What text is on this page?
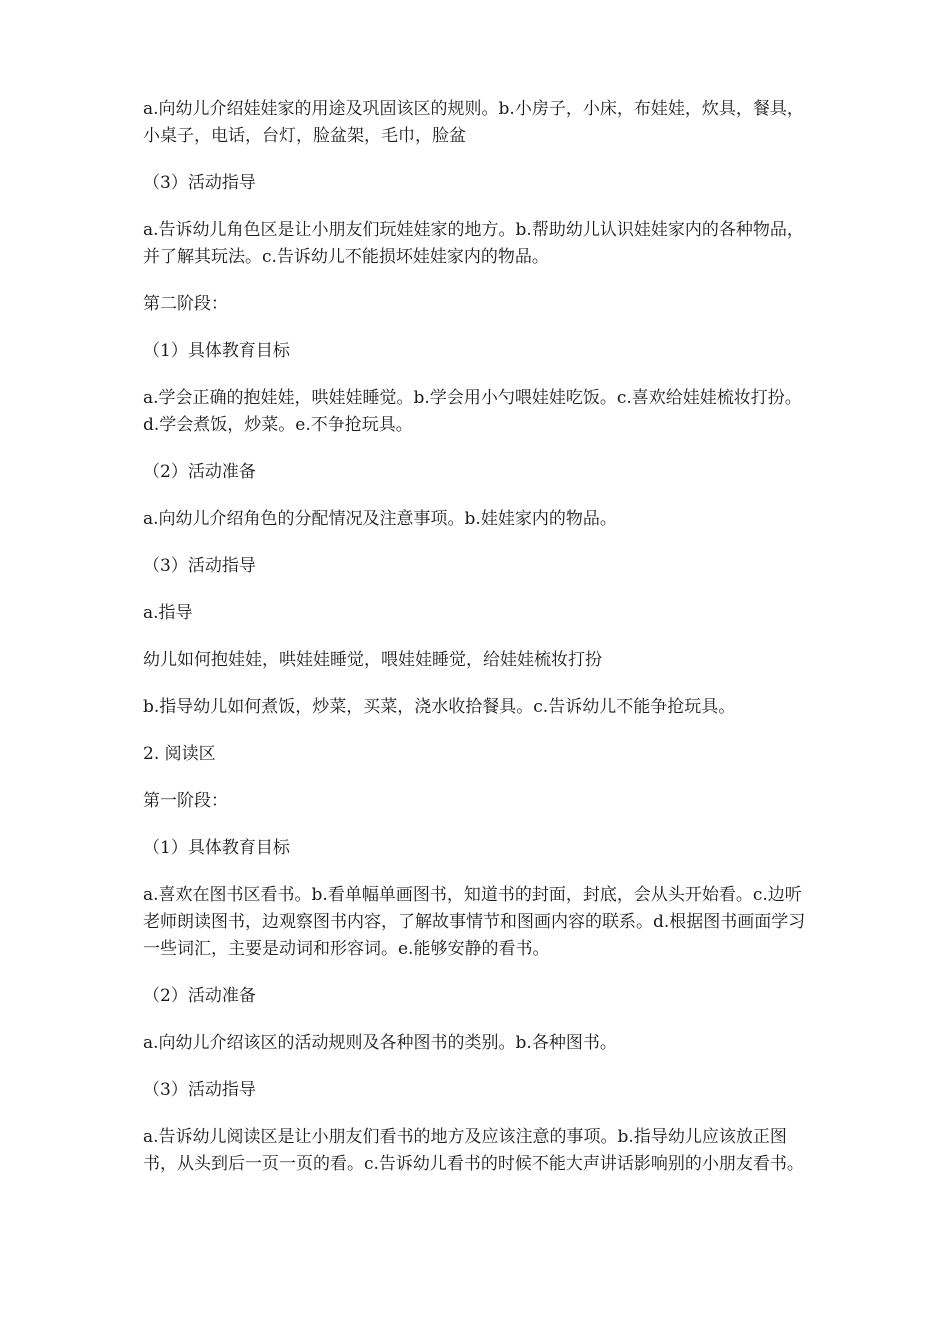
a.向幼儿介绍娃娃家的用途及巩固该区的规则。b.小房子，小床，布娃娃，炊具，餐具，小桌子，电话，台灯，脸盆架，毛巾，脸盆

（3）活动指导

a.告诉幼儿角色区是让小朋友们玩娃娃家的地方。b.帮助幼儿认识娃娃家内的各种物品，并了解其玩法。c.告诉幼儿不能损坏娃娃家内的物品。

第二阶段：

（1）具体教育目标

a.学会正确的抱娃娃，哄娃娃睡觉。b.学会用小勺喂娃娃吃饭。c.喜欢给娃娃梳妆打扮。d.学会煮饭，炒菜。e.不争抢玩具。

（2）活动准备

a.向幼儿介绍角色的分配情况及注意事项。b.娃娃家内的物品。

（3）活动指导

a.指导

幼儿如何抱娃娃，哄娃娃睡觉，喂娃娃睡觉，给娃娃梳妆打扮

b.指导幼儿如何煮饭，炒菜，买菜，浇水收拾餐具。c.告诉幼儿不能争抢玩具。

2. 阅读区

第一阶段：

（1）具体教育目标

a.喜欢在图书区看书。b.看单幅单画图书，知道书的封面，封底，会从头开始看。c.边听老师朗读图书，边观察图书内容，了解故事情节和图画内容的联系。d.根据图书画面学习一些词汇，主要是动词和形容词。e.能够安静的看书。

（2）活动准备

a.向幼儿介绍该区的活动规则及各种图书的类别。b.各种图书。

（3）活动指导

a.告诉幼儿阅读区是让小朋友们看书的地方及应该注意的事项。b.指导幼儿应该放正图书，从头到后一页一页的看。c.告诉幼儿看书的时候不能大声讲话影响别的小朋友看书。
